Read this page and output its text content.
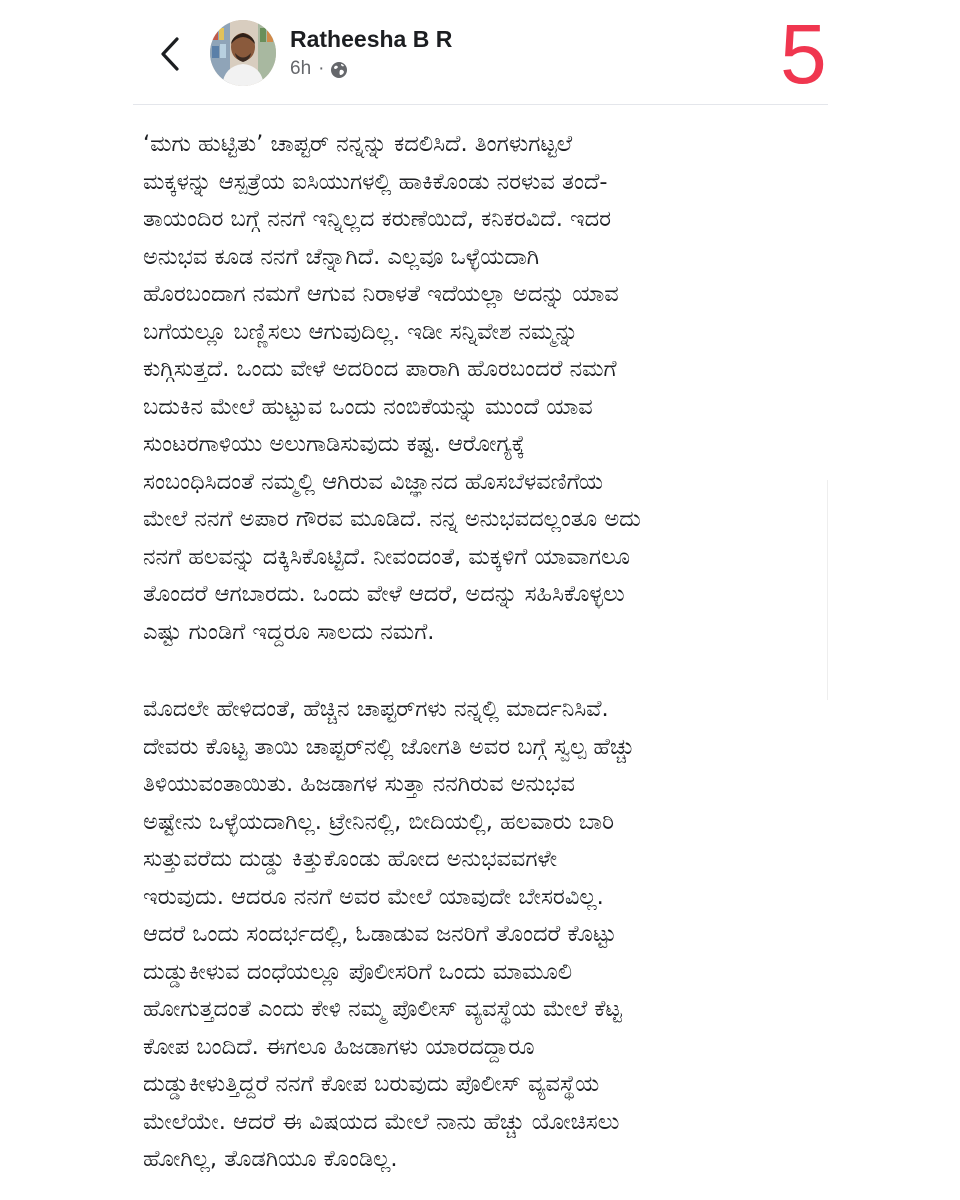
Ratheesha B R
6h ·	5
‘ಮಗು ಹುಟ್ಟಿತು’ ಚಾಪ್ಟರ್ ನನ್ನನ್ನು ಕದಲಿಸಿದೆ. ತಿಂಗಳುಗಟ್ಟಲೆ
ಮಕ್ಕಳನ್ನು ಆಸ್ಪತ್ರೆಯ ಐಸಿಯುಗಳಲ್ಲಿ ಹಾಕಿಕೊಂಡು ನರಳುವ ತಂದೆ-
ತಾಯಂದಿರ ಬಗ್ಗೆ ನನಗೆ ಇನ್ನಿಲ್ಲದ ಕರುಣೆಯಿದೆ, ಕನಿಕರವಿದೆ. ಇದರ
ಅನುಭವ ಕೂಡ ನನಗೆ ಚೆನ್ನಾಗಿದೆ. ಎಲ್ಲವೂ ಒಳ್ಳೆಯದಾಗಿ
ಹೊರಬಂದಾಗ ನಮಗೆ ಆಗುವ ನಿರಾಳತೆ ಇದೆಯಲ್ಲಾ ಅದನ್ನು ಯಾವ
ಬಗೆಯಲ್ಲೂ ಬಣ್ಣಿಸಲು ಆಗುವುದಿಲ್ಲ. ಇಡೀ ಸನ್ನಿವೇಶ ನಮ್ಮನ್ನು
ಕುಗ್ಗಿಸುತ್ತದೆ. ಒಂದು ವೇಳೆ ಅದರಿಂದ ಪಾರಾಗಿ ಹೊರಬಂದರೆ ನಮಗೆ
ಬದುಕಿನ ಮೇಲೆ ಹುಟ್ಟುವ ಒಂದು ನಂಬಿಕೆಯನ್ನು ಮುಂದೆ ಯಾವ
ಸುಂಟರಗಾಳಿಯು ಅಲುಗಾಡಿಸುವುದು ಕಷ್ಟ. ಆರೋಗ್ಯಕ್ಕೆ
ಸಂಬಂಧಿಸಿದಂತೆ ನಮ್ಮಲ್ಲಿ ಆಗಿರುವ ವಿಜ್ಞಾನದ ಹೊಸಬೆಳವಣಿಗೆಯ
ಮೇಲೆ ನನಗೆ ಅಪಾರ ಗೌರವ ಮೂಡಿದೆ. ನನ್ನ ಅನುಭವದಲ್ಲಂತೂ ಅದು
ನನಗೆ ಹಲವನ್ನು ದಕ್ಕಿಸಿಕೊಟ್ಟಿದೆ. ನೀವಂದಂತೆ, ಮಕ್ಕಳಿಗೆ ಯಾವಾಗಲೂ
ತೊಂದರೆ ಆಗಬಾರದು. ಒಂದು ವೇಳೆ ಆದರೆ, ಅದನ್ನು ಸಹಿಸಿಕೊಳ್ಳಲು
ಎಷ್ಟು ಗುಂಡಿಗೆ ಇದ್ದರೂ ಸಾಲದು ನಮಗೆ.
ಮೊದಲೇ ಹೇಳಿದಂತೆ, ಹೆಚ್ಚಿನ ಚಾಪ್ಟರ್‌ಗಳು ನನ್ನಲ್ಲಿ ಮಾರ್ದನಿಸಿವೆ.
ದೇವರು ಕೊಟ್ಟ ತಾಯಿ ಚಾಪ್ಟರ್‌ನಲ್ಲಿ ಜೋಗತಿ ಅವರ ಬಗ್ಗೆ ಸ್ವಲ್ಪ ಹೆಚ್ಚು
ತಿಳಿಯುವಂತಾಯಿತು. ಹಿಜಡಾಗಳ ಸುತ್ತಾ ನನಗಿರುವ ಅನುಭವ
ಅಷ್ಟೇನು ಒಳ್ಳೆಯದಾಗಿಲ್ಲ. ಟ್ರೇನಿನಲ್ಲಿ, ಬೀದಿಯಲ್ಲಿ, ಹಲವಾರು ಬಾರಿ
ಸುತ್ತುವರೆದು ದುಡ್ಡು ಕಿತ್ತುಕೊಂಡು ಹೋದ ಅನುಭವವಗಳೇ
ಇರುವುದು. ಆದರೂ ನನಗೆ ಅವರ ಮೇಲೆ ಯಾವುದೇ ಬೇಸರವಿಲ್ಲ.
ಆದರೆ ಒಂದು ಸಂದರ್ಭದಲ್ಲಿ, ಓಡಾಡುವ ಜನರಿಗೆ ತೊಂದರೆ ಕೊಟ್ಟು
ದುಡ್ಡುಕೀಳುವ ದಂಧೆಯಲ್ಲೂ ಪೊಲೀಸರಿಗೆ ಒಂದು ಮಾಮೂಲಿ
ಹೋಗುತ್ತದಂತೆ ಎಂದು ಕೇಳಿ ನಮ್ಮ ಪೊಲೀಸ್ ವ್ಯವಸ್ಥೆಯ ಮೇಲೆ ಕೆಟ್ಟ
ಕೋಪ ಬಂದಿದೆ. ಈಗಲೂ ಹಿಜಡಾಗಳು ಯಾರದದ್ದಾರೂ
ದುಡ್ಡುಕೀಳುತ್ತಿದ್ದರೆ ನನಗೆ ಕೋಪ ಬರುವುದು ಪೊಲೀಸ್ ವ್ಯವಸ್ಥೆಯ
ಮೇಲೆಯೇ. ಆದರೆ ಈ ವಿಷಯದ ಮೇಲೆ ನಾನು ಹೆಚ್ಚು ಯೋಚಿಸಲು
ಹೋಗಿಲ್ಲ, ತೊಡಗಿಯೂ ಕೊಂಡಿಲ್ಲ.
